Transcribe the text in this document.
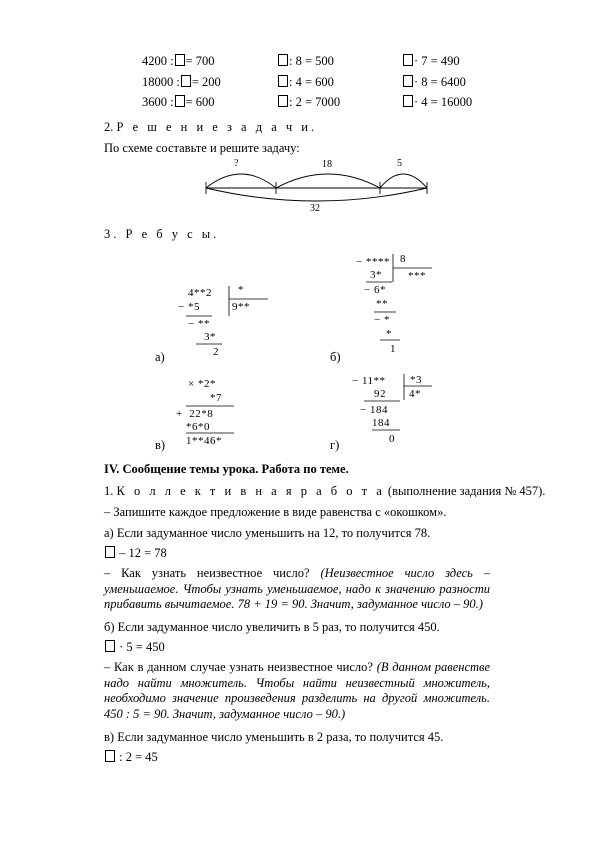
4200 : = 700	: 8 = 500	· 7 = 490
18000 : = 200	: 4 = 600	· 8 = 6400
3600 : = 600	: 2 = 7000	· 4 = 16000
2. Р е ш е н и е з а д а ч и.
По схеме составьте и решите задачу:
?	18	5
32
3. Р е б у с ы.
4**2 *
− *5	9**
− **
3*
2
а)
− **** 8
3* ***
− 6*
**
− *
*
1
б)
× *2*
*7
+  22*8
*6*0
1**46*
в)
− 11** *3
92 4*
− 184
184
0
г)
IV. Сообщение темы урока. Работа по теме.
1. К о л л е к т и в н а я р а б о т а (выполнение задания № 457).
– Запишите каждое предложение в виде равенства с «окошком».
а) Если задуманное число уменьшить на 12, то получится 78.
– 12 = 78
– Как узнать неизвестное число? (Неизвестное число здесь – уменьшаемое. Чтобы узнать уменьшаемое, надо к значению разности прибавить вычитаемое. 78 + 19 = 90. Значит, задуманное число – 90.)
б) Если задуманное число увеличить в 5 раз, то получится 450.
· 5 = 450
– Как в данном случае узнать неизвестное число? (В данном равенстве надо найти множитель. Чтобы найти неизвестный множитель, необходимо значение произведения разделить на другой множитель. 450 : 5 = 90. Значит, задуманное число – 90.)
в) Если задуманное число уменьшить в 2 раза, то получится 45.
: 2 = 45
